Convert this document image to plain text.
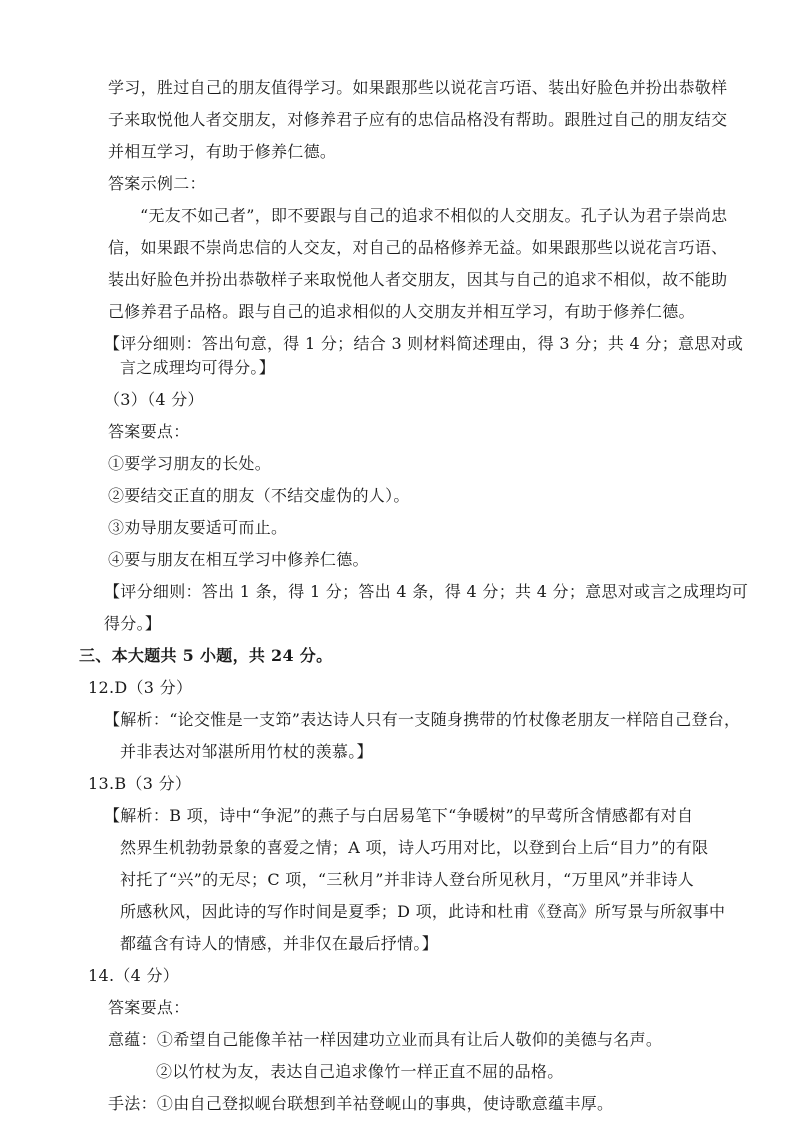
学习，胜过自己的朋友值得学习。如果跟那些以说花言巧语、装出好脸色并扮出恭敬样

子来取悦他人者交朋友，对修养君子应有的忠信品格没有帮助。跟胜过自己的朋友结交

并相互学习，有助于修养仁德。

答案示例二：

“无友不如己者”，即不要跟与自己的追求不相似的人交朋友。孔子认为君子崇尚忠

信，如果跟不崇尚忠信的人交友，对自己的品格修养无益。如果跟那些以说花言巧语、

装出好脸色并扮出恭敬样子来取悦他人者交朋友，因其与自己的追求不相似，故不能助

己修养君子品格。跟与自己的追求相似的人交朋友并相互学习，有助于修养仁德。

【评分细则：答出句意，得 1 分；结合 3 则材料简述理由，得 3 分；共 4 分；意思对或

言之成理均可得分。】

（3）（4 分）

答案要点：

①要学习朋友的长处。

②要结交正直的朋友（不结交虚伪的人）。

③劝导朋友要适可而止。

④要与朋友在相互学习中修养仁德。

【评分细则：答出 1 条，得 1 分；答出 4 条，得 4 分；共 4 分；意思对或言之成理均可

得分。】

三、本大题共 5 小题，共 24 分。

12.D（3 分）

【解析：“论交惟是一支笻”表达诗人只有一支随身携带的竹杖像老朋友一样陪自己登台，

并非表达对邹湛所用竹杖的羡慕。】

13.B（3 分）

【解析：B 项，诗中“争泥”的燕子与白居易笔下“争暖树”的早莺所含情感都有对自

然界生机勃勃景象的喜爱之情；A 项，诗人巧用对比，以登到台上后“目力”的有限

衬托了“兴”的无尽；C 项，“三秋月”并非诗人登台所见秋月，“万里风”并非诗人

所感秋风，因此诗的写作时间是夏季；D 项，此诗和杜甫《登高》所写景与所叙事中

都蕴含有诗人的情感，并非仅在最后抒情。】

14.（4 分）

答案要点：

意蕴：①希望自己能像羊祜一样因建功立业而具有让后人敬仰的美德与名声。

②以竹杖为友，表达自己追求像竹一样正直不屈的品格。

手法：①由自己登拟岘台联想到羊祜登岘山的事典，使诗歌意蕴丰厚。
